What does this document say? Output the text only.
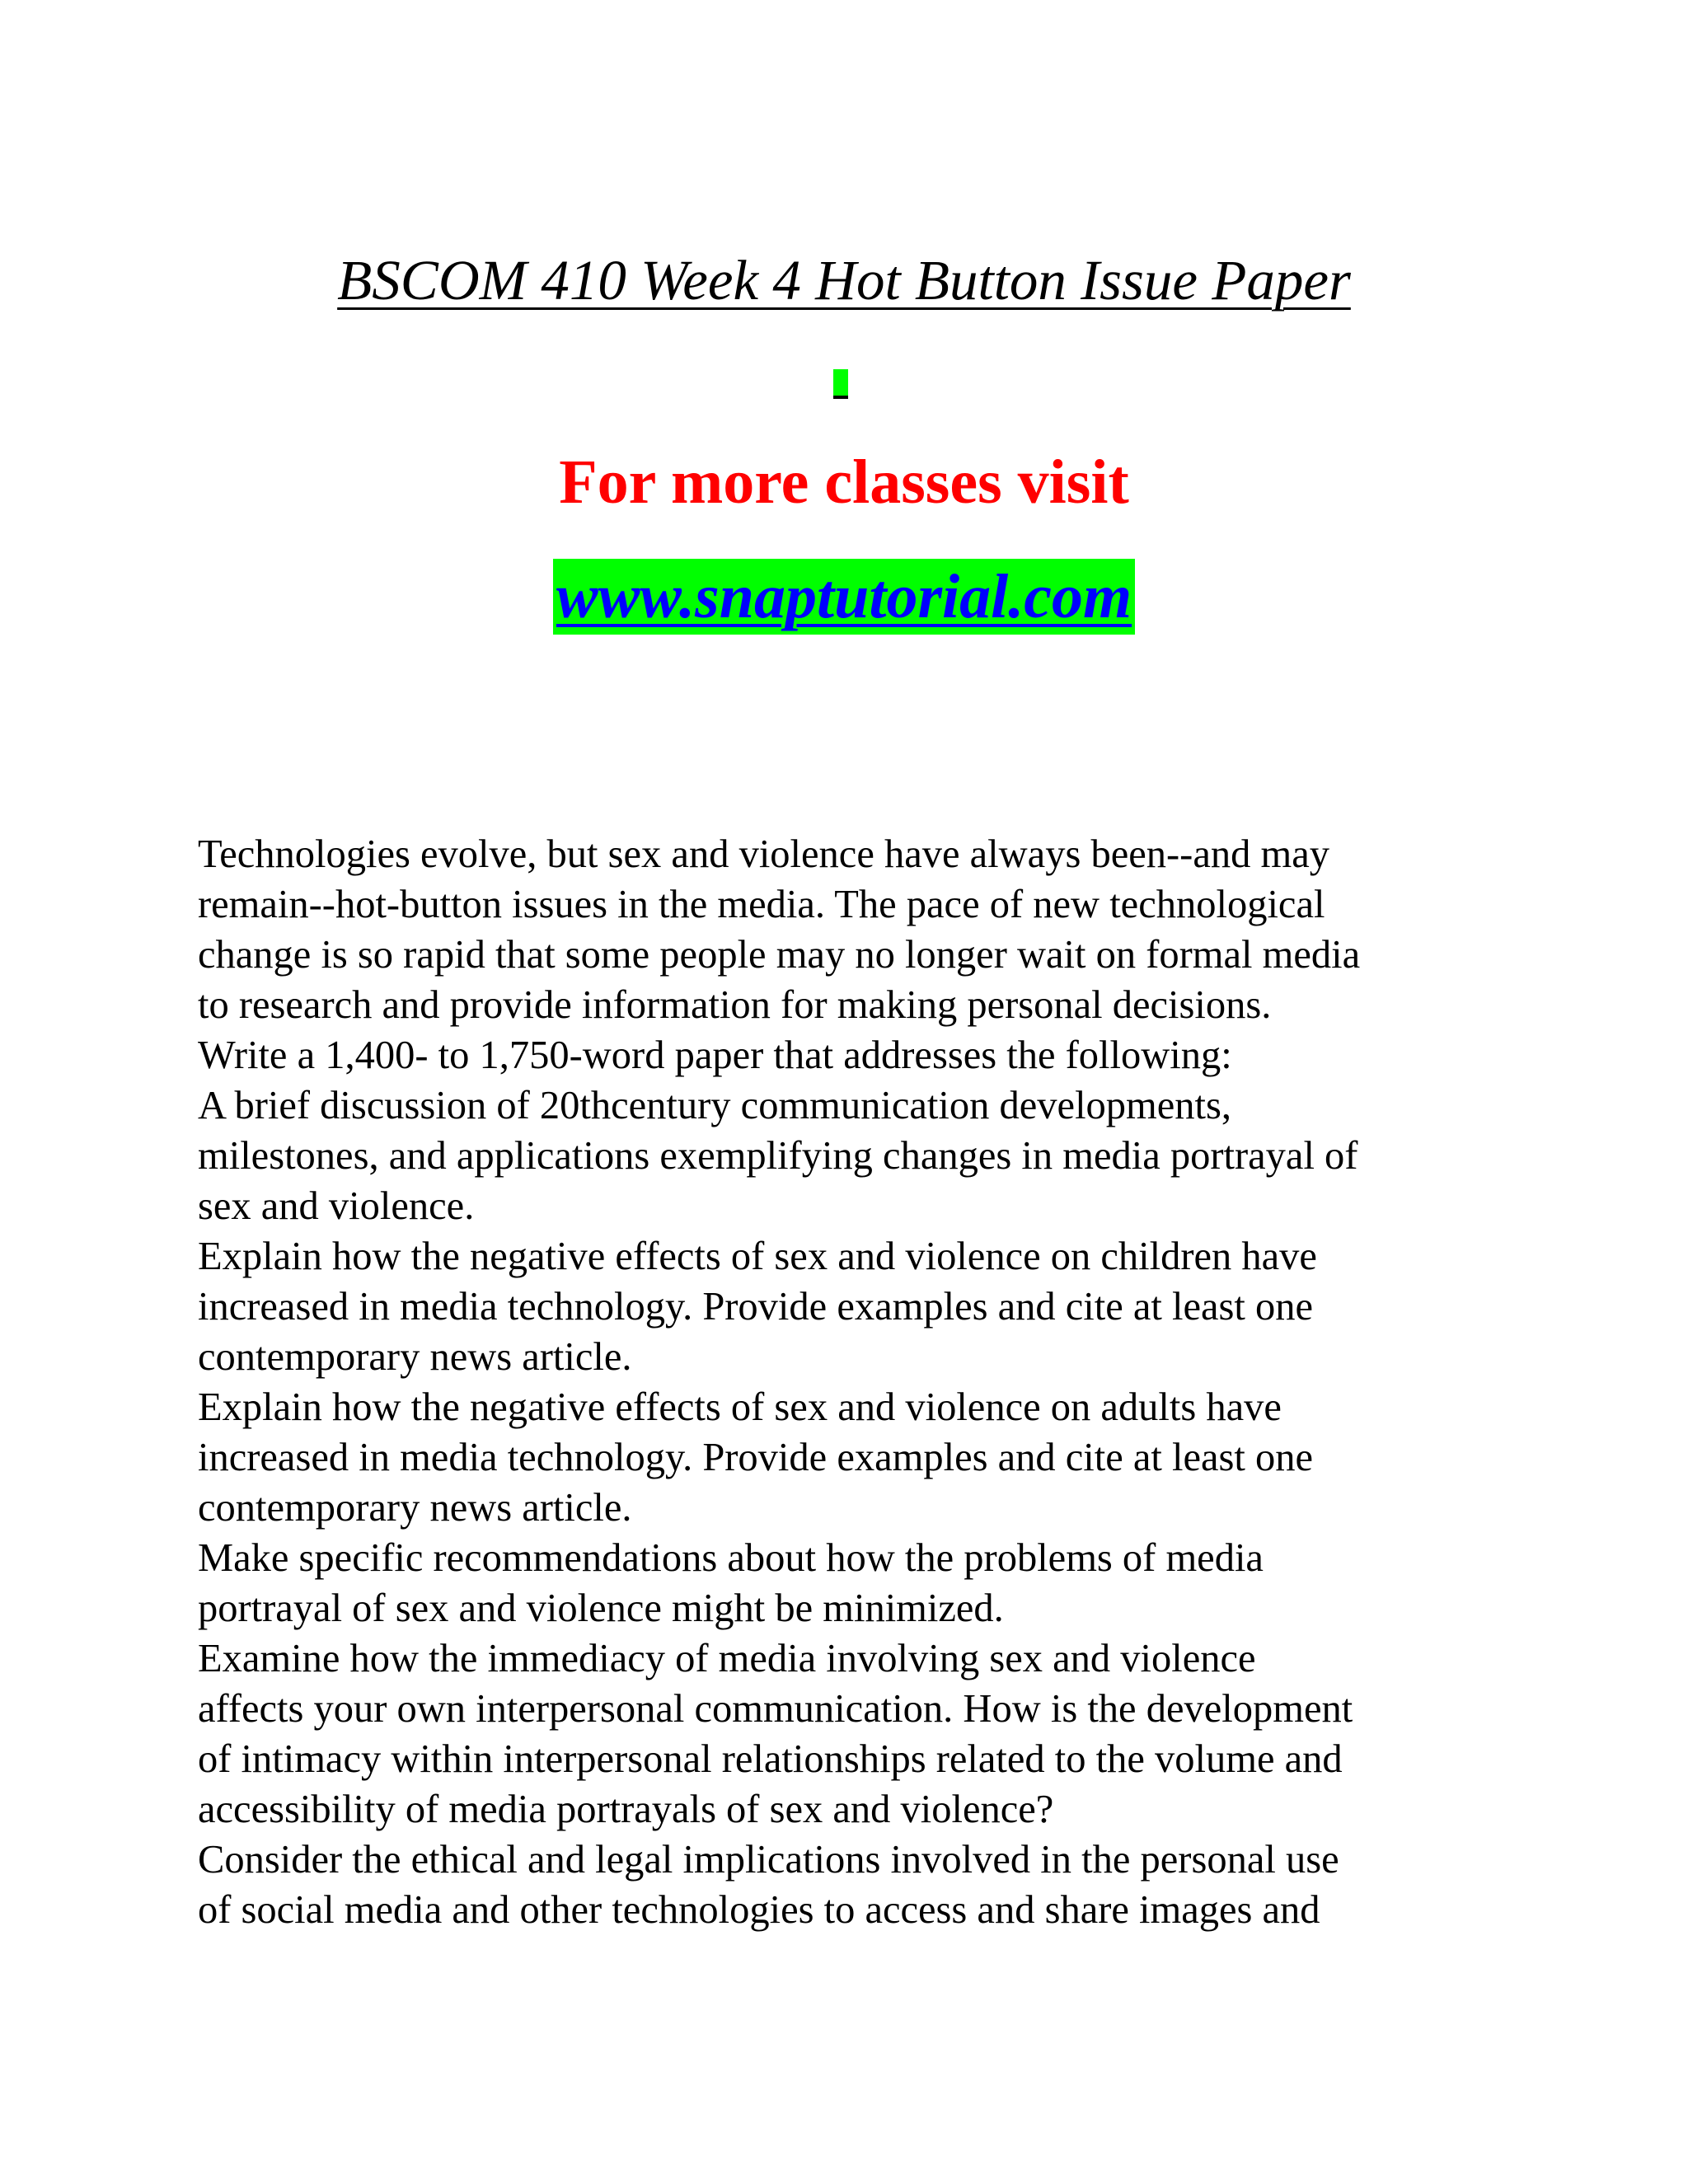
BSCOM 410 Week 4 Hot Button Issue Paper
For more classes visit
www.snaptutorial.com
Technologies evolve, but sex and violence have always been--and may
remain--hot-button issues in the media. The pace of new technological
change is so rapid that some people may no longer wait on formal media
to research and provide information for making personal decisions.
Write a 1,400- to 1,750-word paper that addresses the following:
A brief discussion of 20thcentury communication developments,
milestones, and applications exemplifying changes in media portrayal of
sex and violence.
Explain how the negative effects of sex and violence on children have
increased in media technology. Provide examples and cite at least one
contemporary news article.
Explain how the negative effects of sex and violence on adults have
increased in media technology. Provide examples and cite at least one
contemporary news article.
Make specific recommendations about how the problems of media
portrayal of sex and violence might be minimized.
Examine how the immediacy of media involving sex and violence
affects your own interpersonal communication. How is the development
of intimacy within interpersonal relationships related to the volume and
accessibility of media portrayals of sex and violence?
Consider the ethical and legal implications involved in the personal use
of social media and other technologies to access and share images and
